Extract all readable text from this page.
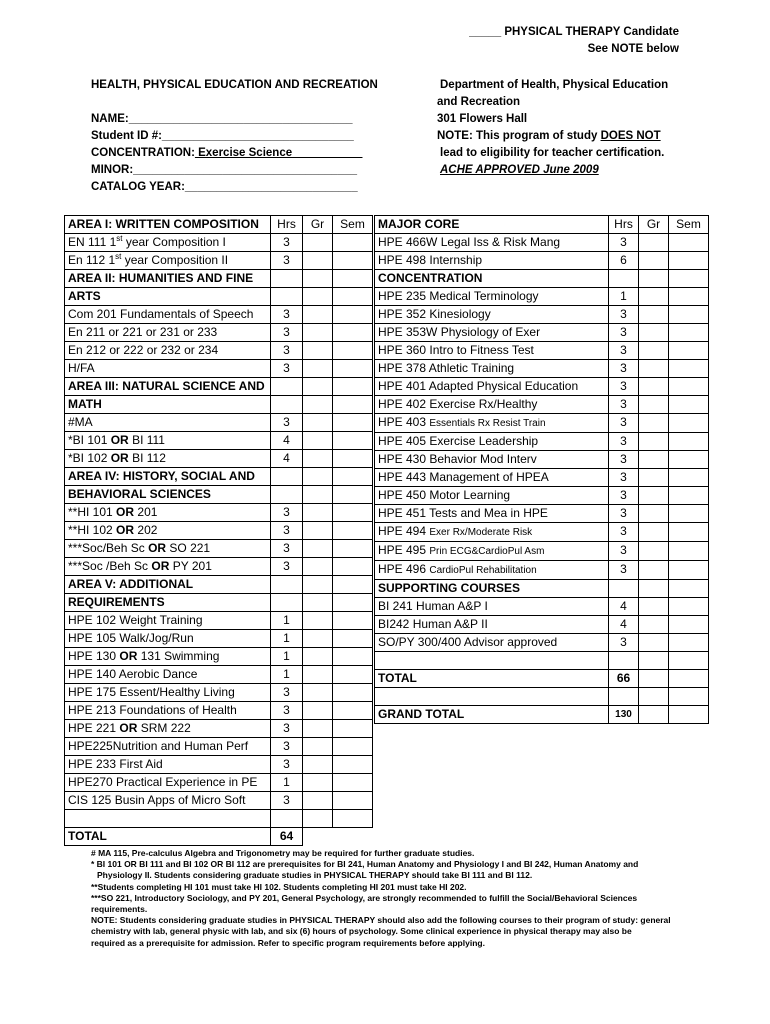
_____ PHYSICAL THERAPY Candidate
See NOTE below
HEALTH, PHYSICAL EDUCATION AND RECREATION
NAME:___________________________________
Student ID #:______________________________
CONCENTRATION: Exercise Science___________
MINOR:___________________________________
CATALOG YEAR:___________________________
Department of Health, Physical Education
and Recreation
301 Flowers Hall
NOTE: This program of study DOES NOT
lead to eligibility for teacher certification.
ACHE APPROVED June 2009
AREA I: WRITTEN COMPOSITION	Hrs	Gr	Sem
EN 111 1st year Composition I	3		
En 112 1st year Composition II	3		
AREA II: HUMANITIES AND FINE			
ARTS			
Com 201 Fundamentals of Speech	3		
En 211 or 221 or 231 or 233	3		
En 212 or 222 or 232 or 234	3		
H/FA	3		
AREA III: NATURAL SCIENCE AND			
MATH			
#MA	3		
*BI 101 OR BI 111	4		
*BI 102 OR BI 112	4		
AREA IV: HISTORY, SOCIAL AND			
BEHAVIORAL SCIENCES			
**HI 101 OR 201	3		
**HI 102 OR 202	3		
***Soc/Beh Sc OR SO 221	3		
***Soc /Beh Sc OR PY 201	3		
AREA V: ADDITIONAL			
REQUIREMENTS			
HPE 102 Weight Training	1		
HPE 105 Walk/Jog/Run	1		
HPE 130 OR 131 Swimming	1		
HPE 140 Aerobic Dance	1		
HPE 175 Essent/Healthy Living	3		
HPE 213 Foundations of Health	3		
HPE 221 OR SRM 222	3		
HPE225Nutrition and Human Perf	3		
HPE 233 First Aid	3		
HPE270 Practical Experience in PE	1		
CIS 125 Busin Apps of Micro Soft	3		

TOTAL	64		
MAJOR CORE	Hrs	Gr	Sem
HPE 466W Legal Iss & Risk Mang	3		
HPE 498 Internship	6		
CONCENTRATION			
HPE 235 Medical Terminology	1		
HPE 352 Kinesiology	3		
HPE 353W Physiology of Exer	3		
HPE 360 Intro to Fitness Test	3		
HPE 378 Athletic Training	3		
HPE 401 Adapted Physical Education	3		
HPE 402 Exercise Rx/Healthy	3		
HPE 403 Essentials Rx Resist Train	3		
HPE 405 Exercise Leadership	3		
HPE 430 Behavior Mod Interv	3		
HPE 443 Management of HPEA	3		
HPE 450 Motor Learning	3		
HPE 451 Tests and Mea in HPE	3		
HPE 494 Exer Rx/Moderate Risk	3		
HPE 495 Prin ECG&CardioPul Asm	3		
HPE 496 CardioPul Rehabilitation	3		
SUPPORTING COURSES			
BI 241 Human A&P I	4		
BI242 Human A&P II	4		
SO/PY 300/400 Advisor approved	3		

TOTAL	66		

GRAND TOTAL	130		
# MA 115, Pre-calculus Algebra and Trigonometry may be required for further graduate studies.
* BI 101 OR BI 111 and BI 102 OR BI 112 are prerequisites for BI 241, Human Anatomy and Physiology I and BI 242, Human Anatomy and
Physiology II. Students considering graduate studies in PHYSICAL THERAPY should take BI 111 and BI 112.
**Students completing HI 101 must take HI 102. Students completing HI 201 must take HI 202.
***SO 221, Introductory Sociology, and PY 201, General Psychology, are strongly recommended to fulfill the Social/Behavioral Sciences
requirements.
NOTE: Students considering graduate studies in PHYSICAL THERAPY should also add the following courses to their program of study: general
chemistry with lab, general physic with lab, and six (6) hours of psychology. Some clinical experience in physical therapy may also be
required as a prerequisite for admission. Refer to specific program requirements before applying.
